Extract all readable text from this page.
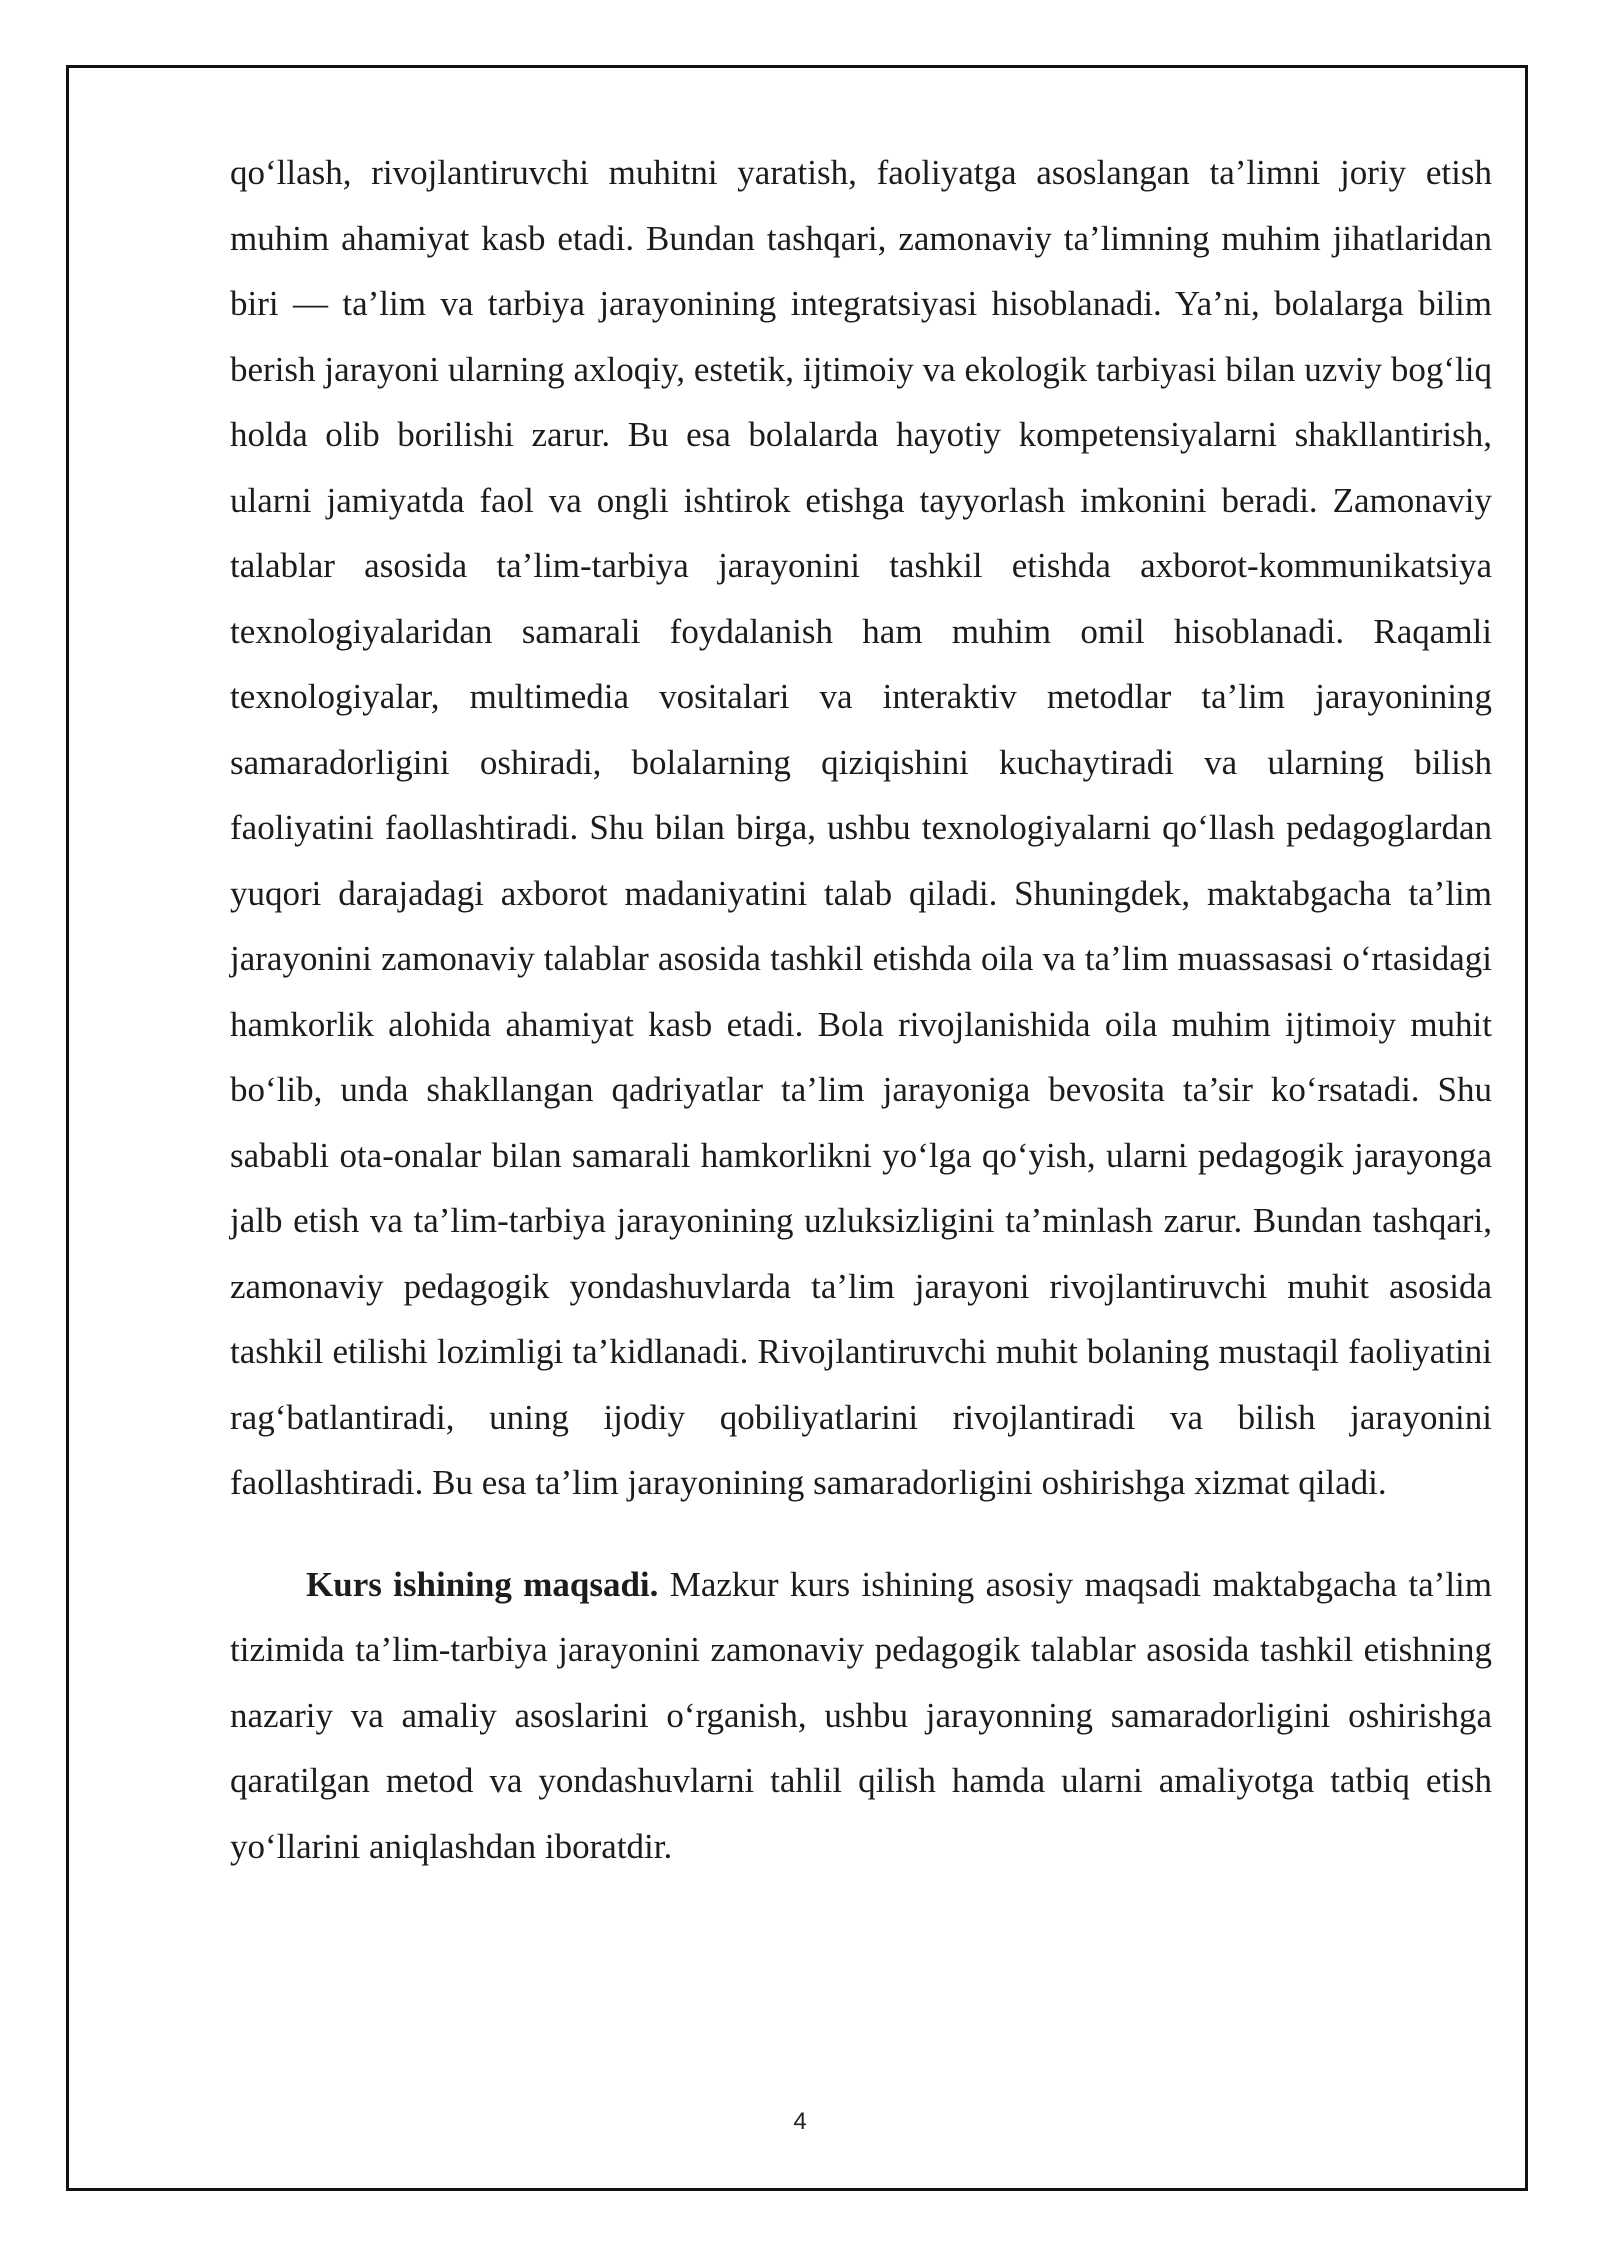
qo‘llash, rivojlantiruvchi muhitni yaratish, faoliyatga asoslangan ta’limni joriy etish muhim ahamiyat kasb etadi. Bundan tashqari, zamonaviy ta’limning muhim jihatlaridan biri — ta’lim va tarbiya jarayonining integratsiyasi hisoblanadi. Ya’ni, bolalarga bilim berish jarayoni ularning axloqiy, estetik, ijtimoiy va ekologik tarbiyasi bilan uzviy bog‘liq holda olib borilishi zarur. Bu esa bolalarda hayotiy kompetensiyalarni shakllantirish, ularni jamiyatda faol va ongli ishtirok etishga tayyorlash imkonini beradi. Zamonaviy talablar asosida ta’lim-tarbiya jarayonini tashkil etishda axborot-kommunikatsiya texnologiyalaridan samarali foydalanish ham muhim omil hisoblanadi. Raqamli texnologiyalar, multimedia vositalari va interaktiv metodlar ta’lim jarayonining samaradorligini oshiradi, bolalarning qiziqishini kuchaytiradi va ularning bilish faoliyatini faollashtiradi. Shu bilan birga, ushbu texnologiyalarni qo‘llash pedagoglardan yuqori darajadagi axborot madaniyatini talab qiladi. Shuningdek, maktabgacha ta’lim jarayonini zamonaviy talablar asosida tashkil etishda oila va ta’lim muassasasi o‘rtasidagi hamkorlik alohida ahamiyat kasb etadi. Bola rivojlanishida oila muhim ijtimoiy muhit bo‘lib, unda shakllangan qadriyatlar ta’lim jarayoniga bevosita ta’sir ko‘rsatadi. Shu sababli ota-onalar bilan samarali hamkorlikni yo‘lga qo‘yish, ularni pedagogik jarayonga jalb etish va ta’lim-tarbiya jarayonining uzluksizligini ta’minlash zarur. Bundan tashqari, zamonaviy pedagogik yondashuvlarda ta’lim jarayoni rivojlantiruvchi muhit asosida tashkil etilishi lozimligi ta’kidlanadi. Rivojlantiruvchi muhit bolaning mustaqil faoliyatini rag‘batlantiradi, uning ijodiy qobiliyatlarini rivojlantiradi va bilish jarayonini faollashtiradi. Bu esa ta’lim jarayonining samaradorligini oshirishga xizmat qiladi.

Kurs ishining maqsadi. Mazkur kurs ishining asosiy maqsadi maktabgacha ta’lim tizimida ta’lim-tarbiya jarayonini zamonaviy pedagogik talablar asosida tashkil etishning nazariy va amaliy asoslarini o‘rganish, ushbu jarayonning samaradorligini oshirishga qaratilgan metod va yondashuvlarni tahlil qilish hamda ularni amaliyotga tatbiq etish yo‘llarini aniqlashdan iboratdir.

4
